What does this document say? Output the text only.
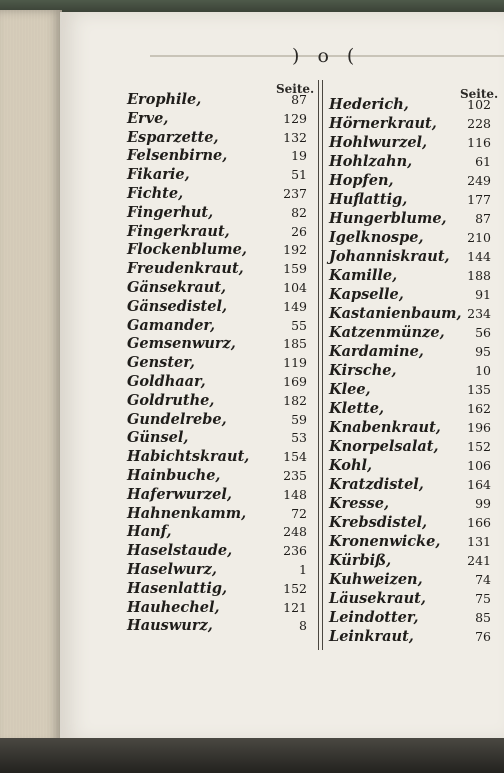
) o (
Seite.	Seite.
Erophile,	87
Erve,	129
Esparzette,	132
Felsenbirne,	19
Fikarie,	51
Fichte,	237
Fingerhut,	82
Fingerkraut,	26
Flockenblume,	192
Freudenkraut,	159
Gänsekraut,	104
Gänsedistel,	149
Gamander,	55
Gemsenwurz,	185
Genster,	119
Goldhaar,	169
Goldruthe,	182
Gundelrebe,	59
Günsel,	53
Habichtskraut,	154
Hainbuche,	235
Haferwurzel,	148
Hahnenkamm,	72
Hanf,	248
Haselstaude,	236
Haselwurz,	1
Hasenlattig,	152
Hauhechel,	121
Hauswurz,	8
Hederich,	102
Hörnerkraut, 228
Hohlwurzel,	116
Hohlzahn,	61
Hopfen,	249
Huflattig,	177
Hungerblume, 87
Igelknospe,	210
Johanniskraut, 144
Kamille,	188
Kapselle,	91
Kastanienbaum, 234
Katzenmünze, 56
Kardamine,	95
Kirsche,	10
Klee,	135
Klette,	162
Knabenkraut, 196
Knorpelsalat, 152
Kohl,	106
Kratzdistel,	164
Kresse,	99
Krebsdistel,	166
Kronenwicke, 131
Kürbiß,	241
Kuhweizen,	74
Läusekraut,	75
Leindotter,	85
Leinkraut,	76
